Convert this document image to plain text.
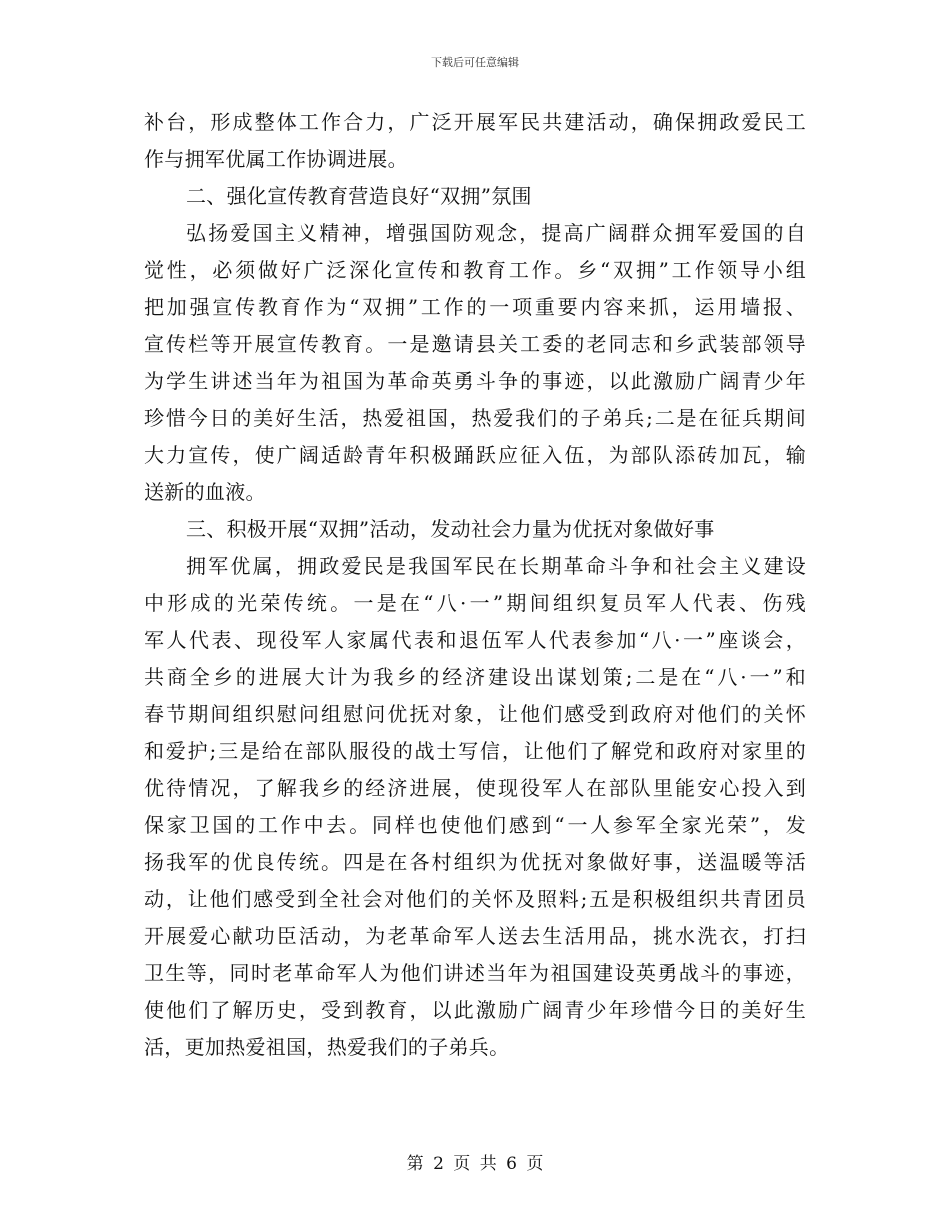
下载后可任意编辑
补台，形成整体工作合力，广泛开展军民共建活动，确保拥政爱民工
作与拥军优属工作协调进展。
二、强化宣传教育营造良好“双拥”氛围
弘扬爱国主义精神，增强国防观念，提高广阔群众拥军爱国的自
觉性，必须做好广泛深化宣传和教育工作。乡“双拥”工作领导小组
把加强宣传教育作为“双拥”工作的一项重要内容来抓，运用墙报、
宣传栏等开展宣传教育。一是邀请县关工委的老同志和乡武装部领导
为学生讲述当年为祖国为革命英勇斗争的事迹，以此激励广阔青少年
珍惜今日的美好生活，热爱祖国，热爱我们的子弟兵;二是在征兵期间
大力宣传，使广阔适龄青年积极踊跃应征入伍，为部队添砖加瓦，输
送新的血液。
三、积极开展“双拥”活动，发动社会力量为优抚对象做好事
拥军优属，拥政爱民是我国军民在长期革命斗争和社会主义建设
中形成的光荣传统。一是在“八·一”期间组织复员军人代表、伤残
军人代表、现役军人家属代表和退伍军人代表参加“八·一”座谈会，
共商全乡的进展大计为我乡的经济建设出谋划策;二是在“八·一”和
春节期间组织慰问组慰问优抚对象，让他们感受到政府对他们的关怀
和爱护;三是给在部队服役的战士写信，让他们了解党和政府对家里的
优待情况，了解我乡的经济进展，使现役军人在部队里能安心投入到
保家卫国的工作中去。同样也使他们感到“一人参军全家光荣”，发
扬我军的优良传统。四是在各村组织为优抚对象做好事，送温暖等活
动，让他们感受到全社会对他们的关怀及照料;五是积极组织共青团员
开展爱心献功臣活动，为老革命军人送去生活用品，挑水洗衣，打扫
卫生等，同时老革命军人为他们讲述当年为祖国建设英勇战斗的事迹，
使他们了解历史，受到教育，以此激励广阔青少年珍惜今日的美好生
活，更加热爱祖国，热爱我们的子弟兵。
第 2 页 共 6 页
